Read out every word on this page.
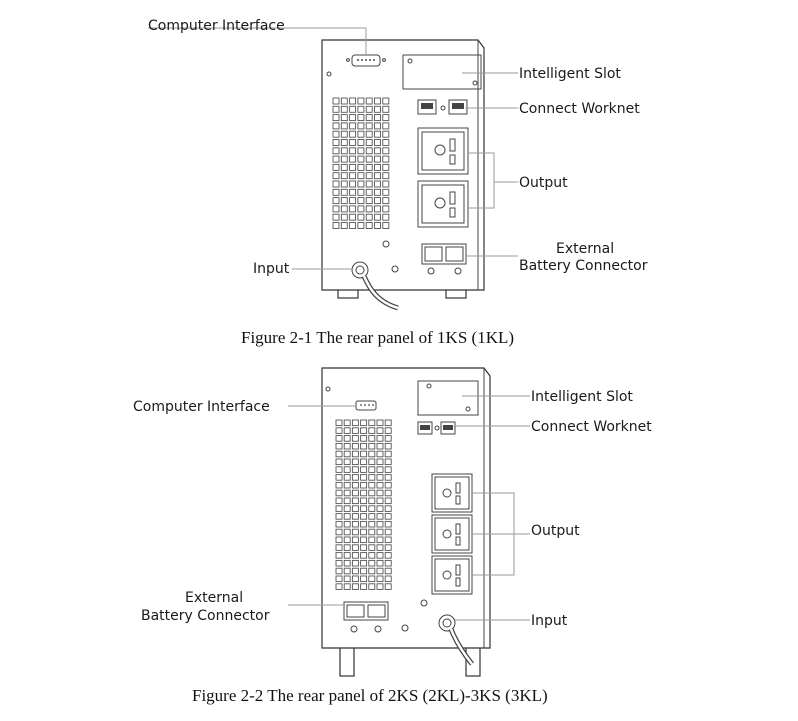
Computer Interface
Intelligent Slot
Connect Worknet
Output
External
Battery Connector
Input
Figure 2-1 The rear panel of 1KS (1KL)
Intelligent Slot
Computer Interface
Connect Worknet
Output
External
Battery Connector	Input
Figure 2-2 The rear panel of 2KS (2KL)-3KS (3KL)
